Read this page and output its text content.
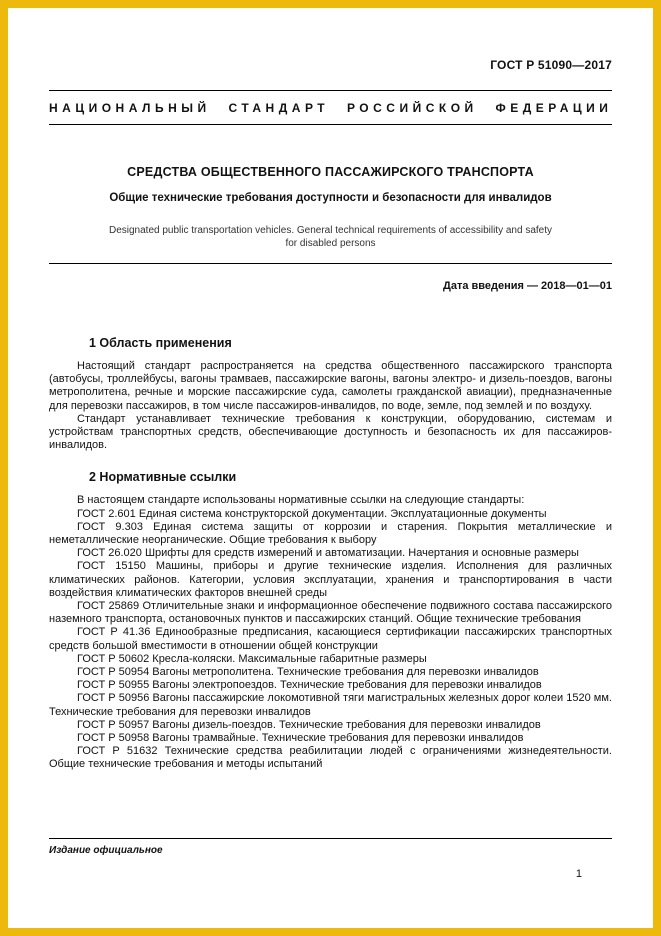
ГОСТ Р 51090—2017
НАЦИОНАЛЬНЫЙ СТАНДАРТ РОССИЙСКОЙ ФЕДЕРАЦИИ
СРЕДСТВА ОБЩЕСТВЕННОГО ПАССАЖИРСКОГО ТРАНСПОРТА
Общие технические требования доступности и безопасности для инвалидов
Designated public transportation vehicles. General technical requirements of accessibility and safety for disabled persons
Дата введения — 2018—01—01
1 Область применения

Настоящий стандарт распространяется на средства общественного пассажирского транспорта (автобусы, троллейбусы, вагоны трамваев, пассажирские вагоны, вагоны электро- и дизель-поездов, вагоны метрополитена, речные и морские пассажирские суда, самолеты гражданской авиации), предназначенные для перевозки пассажиров, в том числе пассажиров-инвалидов, по воде, земле, под землей и по воздуху.

Стандарт устанавливает технические требования к конструкции, оборудованию, системам и устройствам транспортных средств, обеспечивающие доступность и безопасность их для пассажиров-инвалидов.

2 Нормативные ссылки

В настоящем стандарте использованы нормативные ссылки на следующие стандарты:

ГОСТ 2.601 Единая система конструкторской документации. Эксплуатационные документы

ГОСТ 9.303 Единая система защиты от коррозии и старения. Покрытия металлические и неметаллические неорганические. Общие требования к выбору

ГОСТ 26.020 Шрифты для средств измерений и автоматизации. Начертания и основные размеры

ГОСТ 15150 Машины, приборы и другие технические изделия. Исполнения для различных климатических районов. Категории, условия эксплуатации, хранения и транспортирования в части воздействия климатических факторов внешней среды

ГОСТ 25869 Отличительные знаки и информационное обеспечение подвижного состава пассажирского наземного транспорта, остановочных пунктов и пассажирских станций. Общие технические требования

ГОСТ Р 41.36 Единообразные предписания, касающиеся сертификации пассажирских транспортных средств большой вместимости в отношении общей конструкции

ГОСТ Р 50602 Кресла-коляски. Максимальные габаритные размеры

ГОСТ Р 50954 Вагоны метрополитена. Технические требования для перевозки инвалидов

ГОСТ Р 50955 Вагоны электропоездов. Технические требования для перевозки инвалидов

ГОСТ Р 50956 Вагоны пассажирские локомотивной тяги магистральных железных дорог колеи 1520 мм. Технические требования для перевозки инвалидов

ГОСТ Р 50957 Вагоны дизель-поездов. Технические требования для перевозки инвалидов

ГОСТ Р 50958 Вагоны трамвайные. Технические требования для перевозки инвалидов

ГОСТ Р 51632 Технические средства реабилитации людей с ограничениями жизнедеятельности. Общие технические требования и методы испытаний

Издание официальное
1
